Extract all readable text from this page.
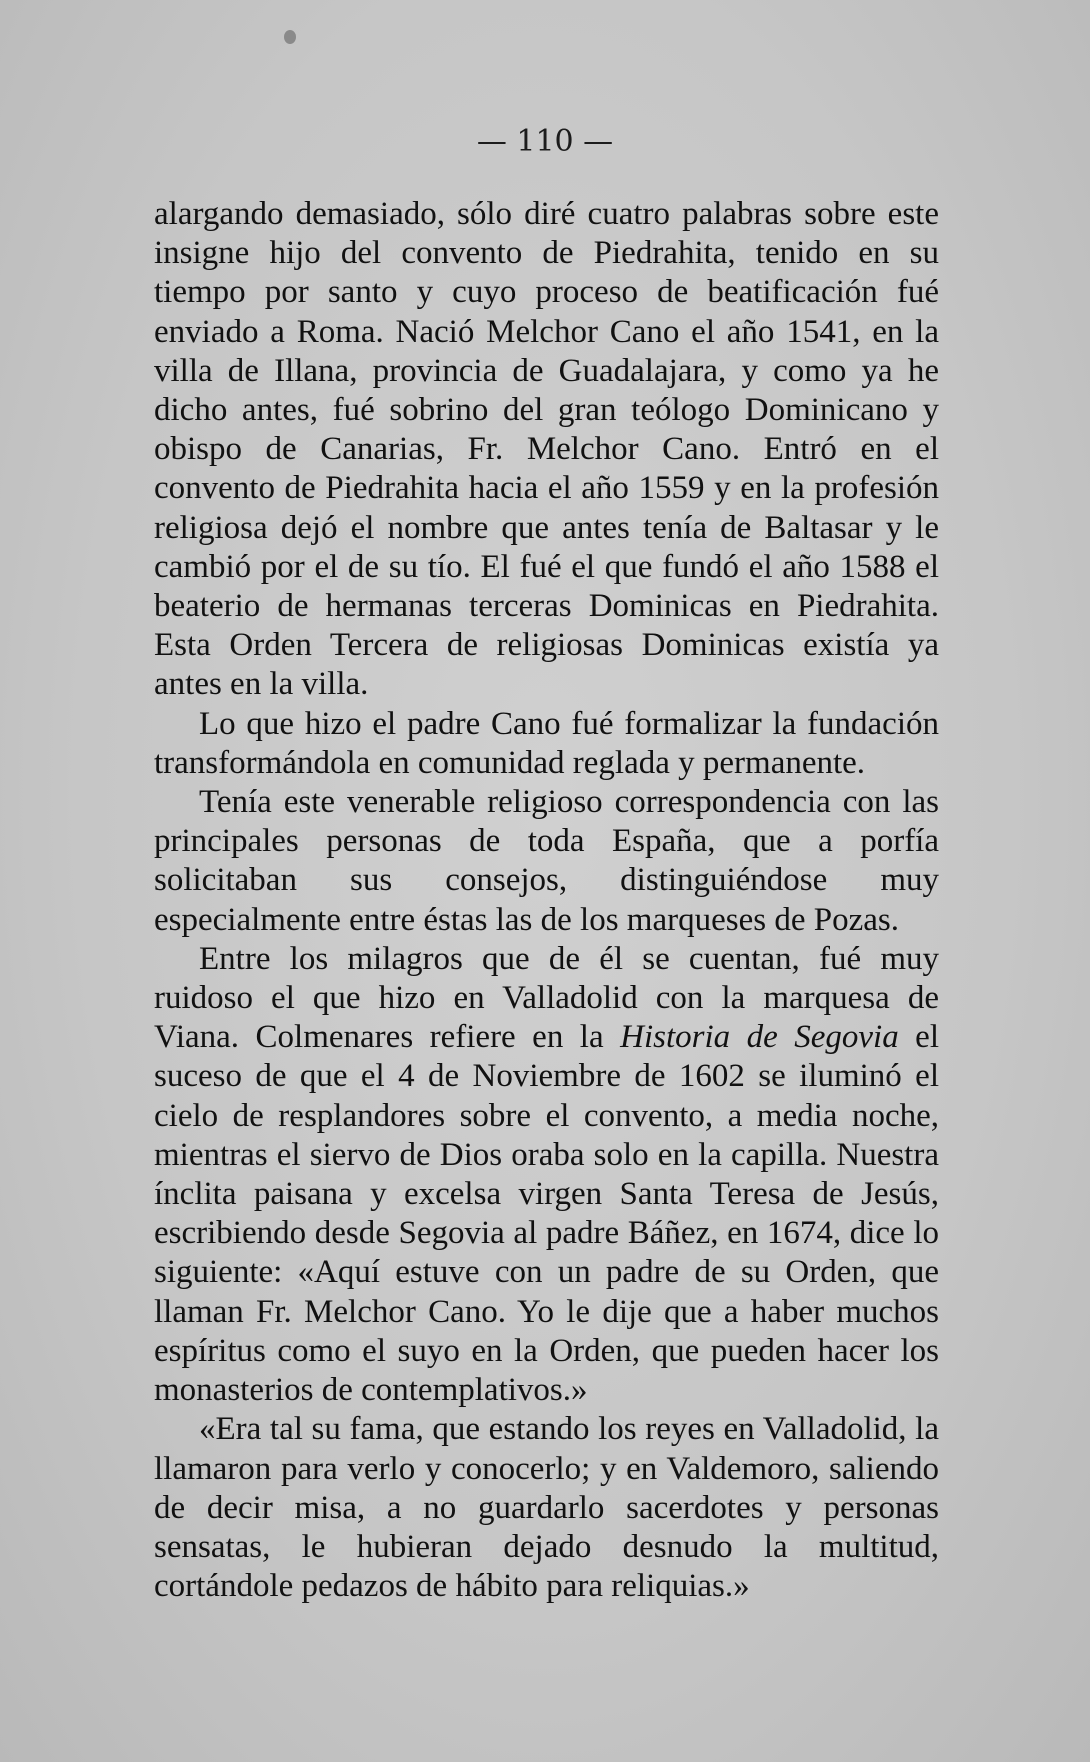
— 110 —

alargando demasiado, sólo diré cuatro palabras sobre este insigne hijo del convento de Piedrahita, tenido en su tiempo por santo y cuyo proceso de beatificación fué enviado a Roma. Nació Melchor Cano el año 1541, en la villa de Illana, provincia de Guadalajara, y como ya he dicho antes, fué sobrino del gran teólogo Dominicano y obispo de Canarias, Fr. Melchor Cano. Entró en el convento de Piedrahita hacia el año 1559 y en la profesión religiosa dejó el nombre que antes tenía de Baltasar y le cambió por el de su tío. El fué el que fundó el año 1588 el beaterio de hermanas terceras Dominicas en Piedrahita. Esta Orden Tercera de religiosas Dominicas existía ya antes en la villa.

Lo que hizo el padre Cano fué formalizar la fundación transformándola en comunidad reglada y permanente.

Tenía este venerable religioso correspondencia con las principales personas de toda España, que a porfía solicitaban sus consejos, distinguiéndose muy especialmente entre éstas las de los marqueses de Pozas.

Entre los milagros que de él se cuentan, fué muy ruidoso el que hizo en Valladolid con la marquesa de Viana. Colmenares refiere en la Historia de Segovia el suceso de que el 4 de Noviembre de 1602 se iluminó el cielo de resplandores sobre el convento, a media noche, mientras el siervo de Dios oraba solo en la capilla. Nuestra ínclita paisana y excelsa virgen Santa Teresa de Jesús, escribiendo desde Segovia al padre Báñez, en 1674, dice lo siguiente: «Aquí estuve con un padre de su Orden, que llaman Fr. Melchor Cano. Yo le dije que a haber muchos espíritus como el suyo en la Orden, que pueden hacer los monasterios de contemplativos.»

«Era tal su fama, que estando los reyes en Valladolid, la llamaron para verlo y conocerlo; y en Valdemoro, saliendo de decir misa, a no guardarlo sacerdotes y personas sensatas, le hubieran dejado desnudo la multitud, cortándole pedazos de hábito para reliquias.»
